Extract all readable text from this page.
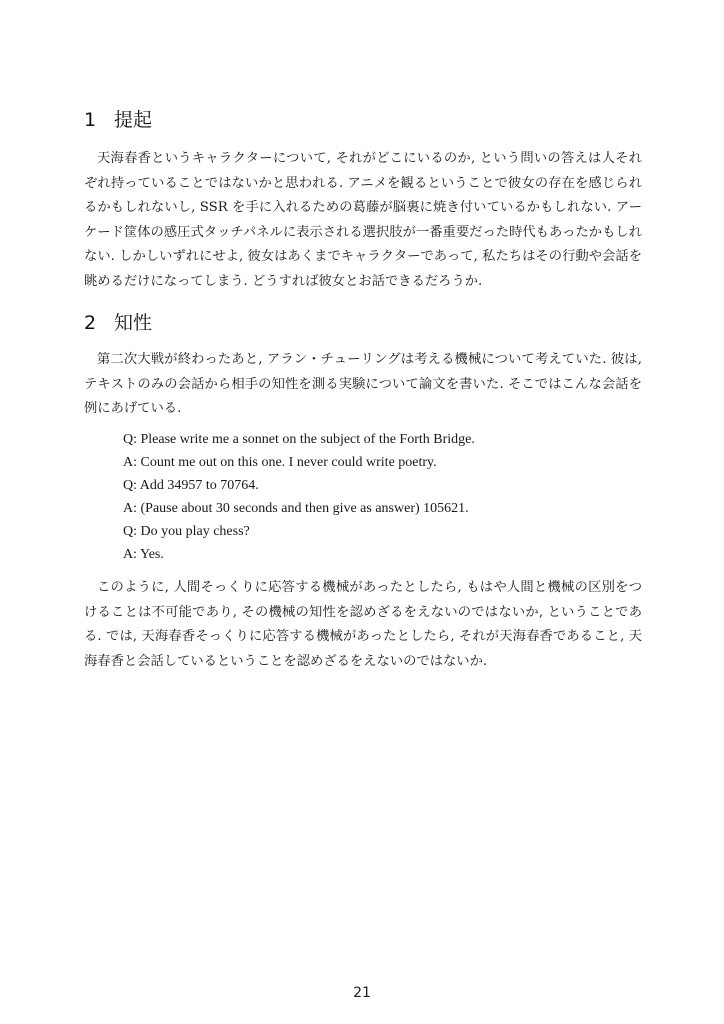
1 提起

天海春香というキャラクターについて, それがどこにいるのか, という問いの答えは人それぞれ持っていることではないかと思われる. アニメを観るということで彼女の存在を感じられるかもしれないし, SSR を手に入れるための葛藤が脳裏に焼き付いているかもしれない. アーケード筐体の感圧式タッチパネルに表示される選択肢が一番重要だった時代もあったかもしれない. しかしいずれにせよ, 彼女はあくまでキャラクターであって, 私たちはその行動や会話を眺めるだけになってしまう. どうすれば彼女とお話できるだろうか.

2 知性

第二次大戦が終わったあと, アラン・チューリングは考える機械について考えていた. 彼は, テキストのみの会話から相手の知性を測る実験について論文を書いた. そこではこんな会話を例にあげている.

Q: Please write me a sonnet on the subject of the Forth Bridge.
A: Count me out on this one. I never could write poetry.
Q: Add 34957 to 70764.
A: (Pause about 30 seconds and then give as answer) 105621.
Q: Do you play chess?
A: Yes.

このように, 人間そっくりに応答する機械があったとしたら, もはや人間と機械の区別をつけることは不可能であり, その機械の知性を認めざるをえないのではないか, ということである. では, 天海春香そっくりに応答する機械があったとしたら, それが天海春香であること, 天海春香と会話しているということを認めざるをえないのではないか.

21
